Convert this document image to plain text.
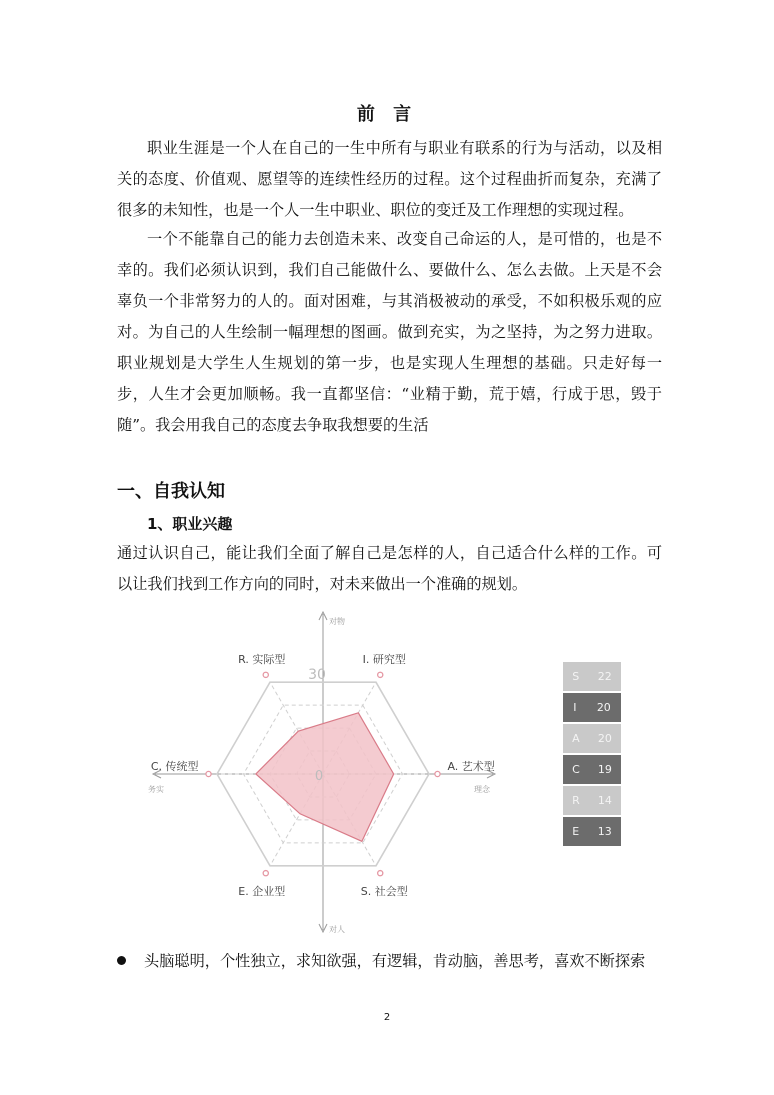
前 言

职业生涯是一个人在自己的一生中所有与职业有联系的行为与活动，以及相关的态度、价值观、愿望等的连续性经历的过程。这个过程曲折而复杂，充满了很多的未知性，也是一个人一生中职业、职位的变迁及工作理想的实现过程。

一个不能靠自己的能力去创造未来、改变自己命运的人，是可惜的，也是不幸的。我们必须认识到，我们自己能做什么、要做什么、怎么去做。上天是不会辜负一个非常努力的人的。面对困难，与其消极被动的承受，不如积极乐观的应对。为自己的人生绘制一幅理想的图画。做到充实，为之坚持，为之努力进取。职业规划是大学生人生规划的第一步，也是实现人生理想的基础。只走好每一步，人生才会更加顺畅。我一直都坚信：“业精于勤，荒于嬉，行成于思，毁于随”。我会用我自己的态度去争取我想要的生活

一、自我认知
1、职业兴趣

通过认识自己，能让我们全面了解自己是怎样的人，自己适合什么样的工作。可以让我们找到工作方向的同时，对未来做出一个准确的规划。

I. 研究型
A. 艺术型
S. 社会型
E. 企业型
C. 传统型
R. 实际型
30
0
对物
对人
务实	理念
S 22
I 20
A 20
C 19
R 14
E 13
头脑聪明，个性独立，求知欲强，有逻辑，肯动脑，善思考，喜欢不断探索
2
